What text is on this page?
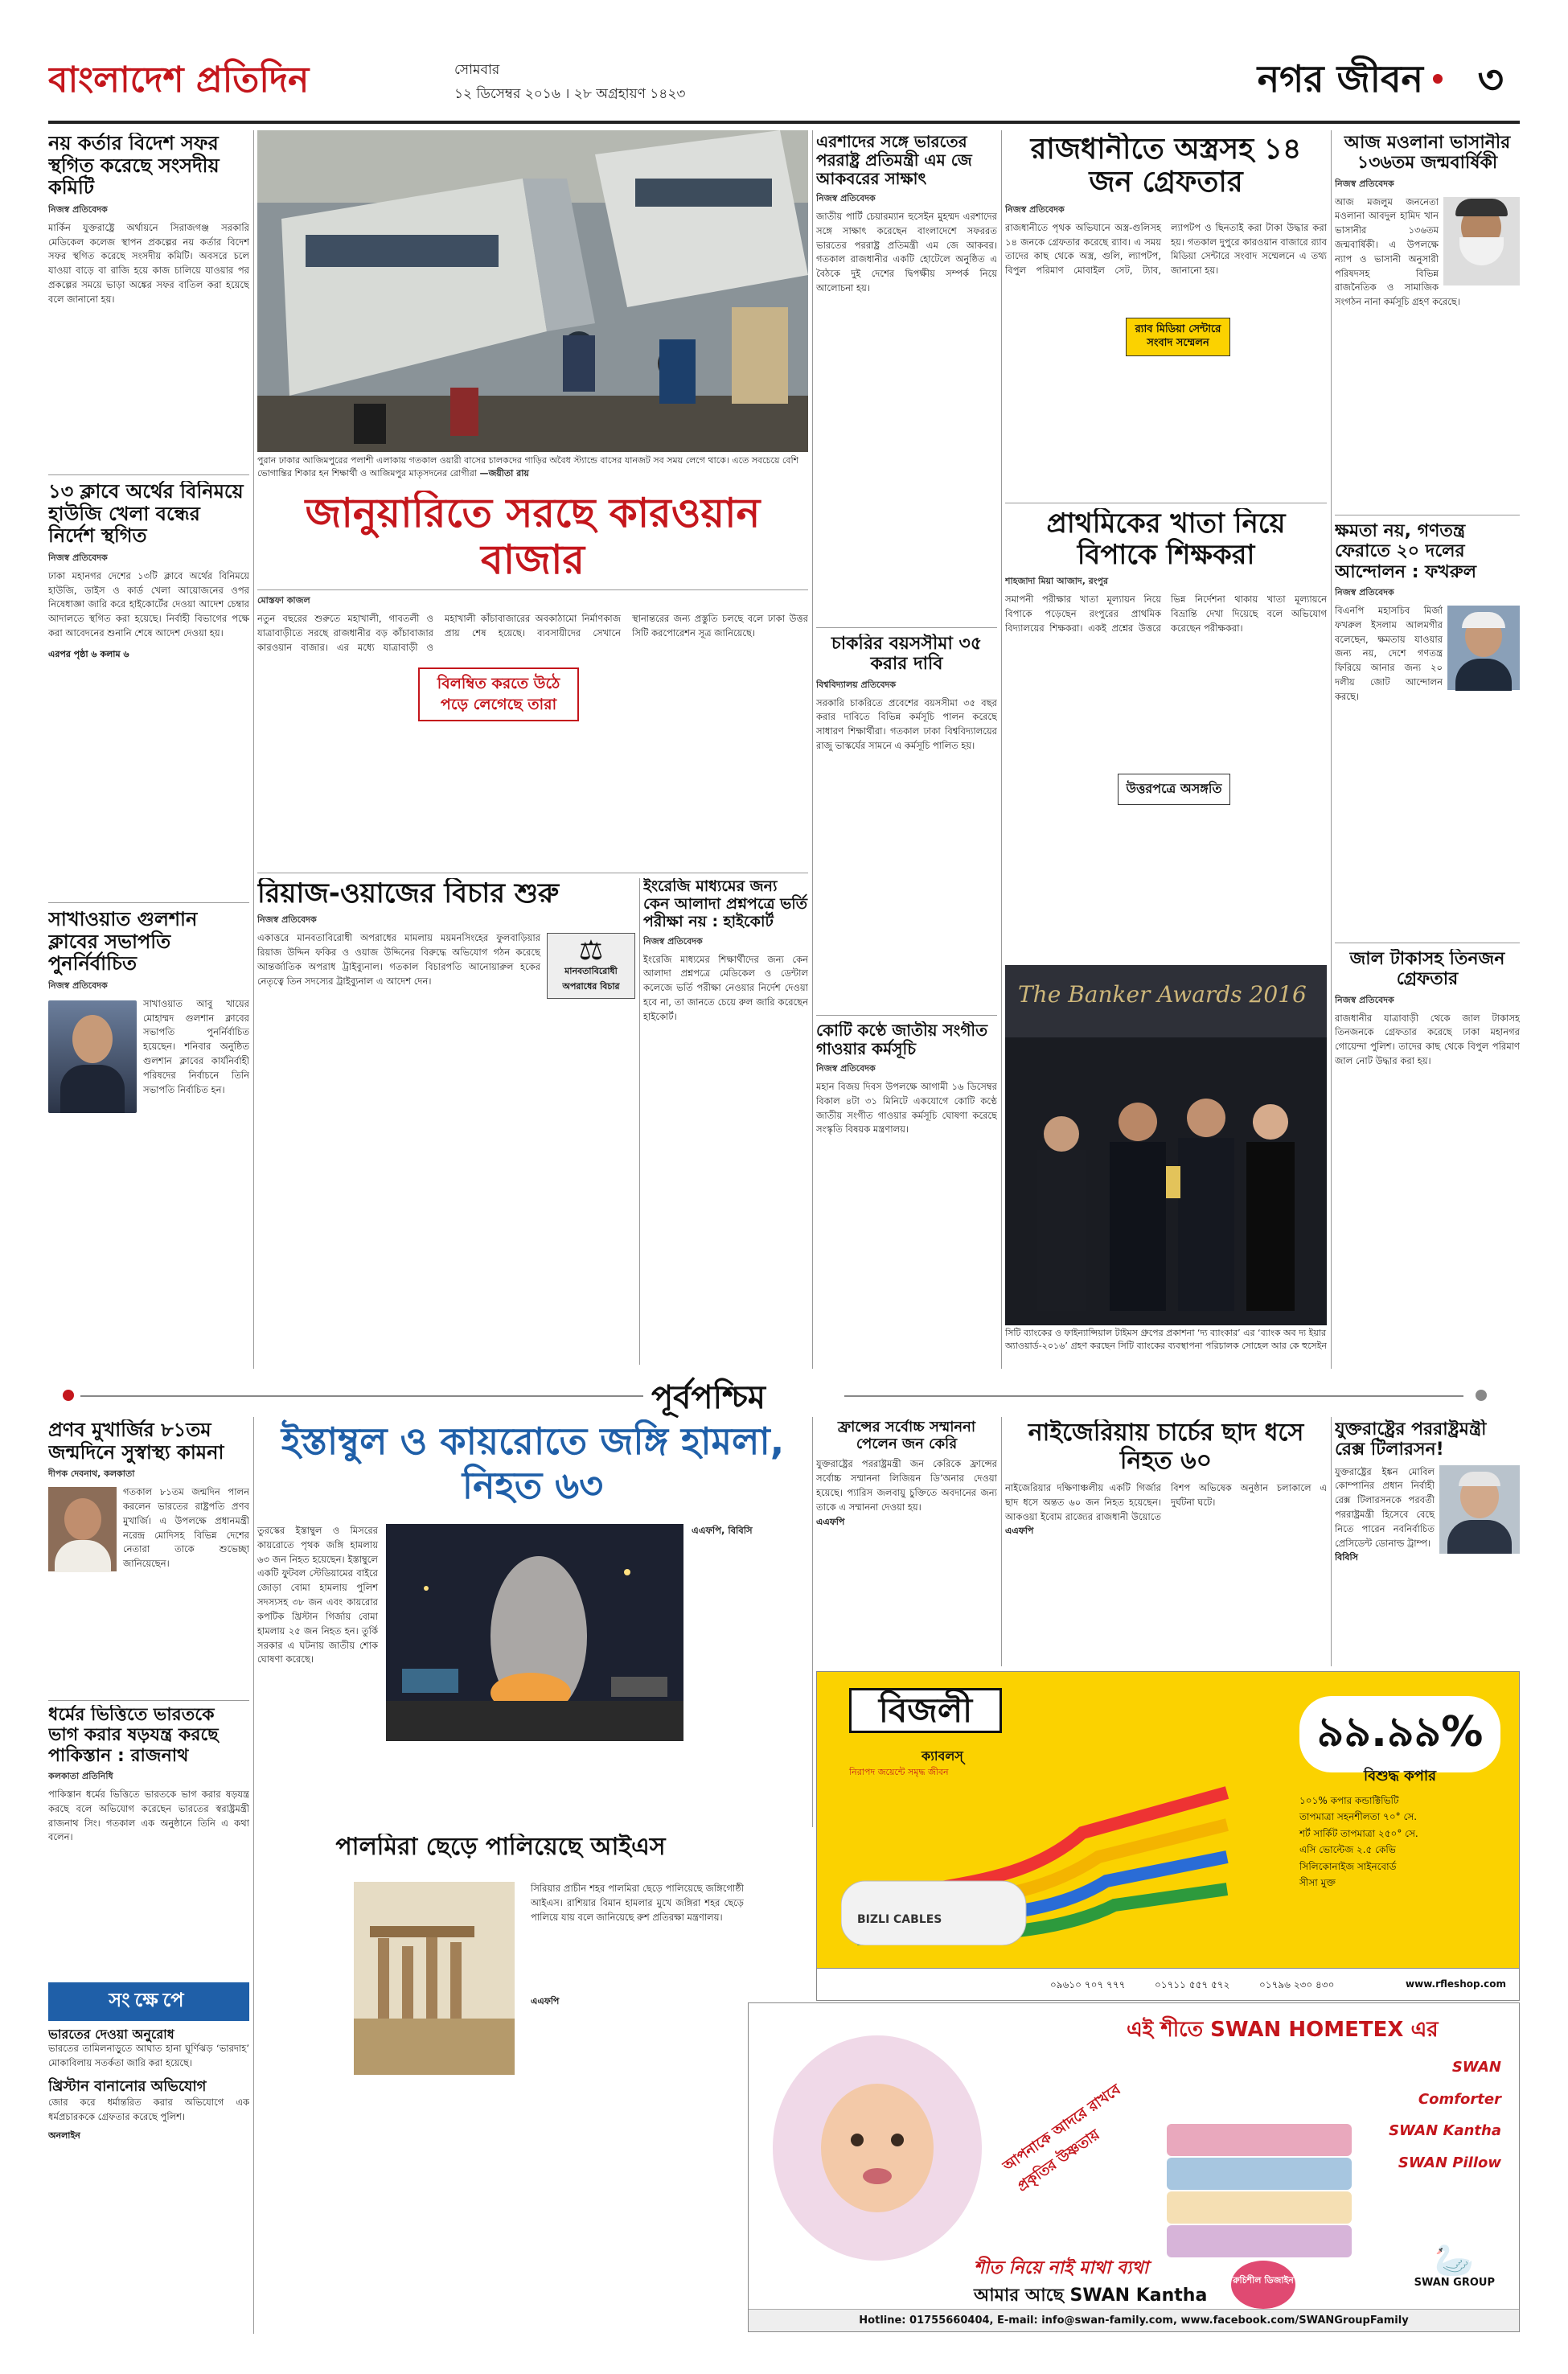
বাংলাদেশ প্রতিদিন	সোমবার
১২ ডিসেম্বর ২০১৬ । ২৮ অগ্রহায়ণ ১৪২৩	নগর জীবন ৩
নয় কর্তার বিদেশ সফর স্থগিত করেছে সংসদীয় কমিটি
নিজস্ব প্রতিবেদক
মার্কিন যুক্তরাষ্ট্রে অর্থায়নে সিরাজগঞ্জ সরকারি মেডিকেল কলেজ স্থাপন প্রকল্পের নয় কর্তার বিদেশ সফর স্থগিত করেছে সংসদীয় কমিটি। অবসরে চলে যাওয়া বাড়ে বা রাজি হয়ে কাজ চালিয়ে যাওয়ার পর প্রকল্পের সময়ে ভাড়া অঙ্কের সফর বাতিল করা হয়েছে বলে জানানো হয়।
১৩ ক্লাবে অর্থের বিনিময়ে হাউজি খেলা বন্ধের নির্দেশ স্থগিত
নিজস্ব প্রতিবেদক
ঢাকা মহানগর দেশের ১৩টি ক্লাবে অর্থের বিনিময়ে হাউজি, ডাইস ও কার্ড খেলা আয়োজনের ওপর নিষেধাজ্ঞা জারি করে হাইকোর্টের দেওয়া আদেশ চেম্বার আদালতে স্থগিত করা হয়েছে। নির্বাহী বিভাগের পক্ষে করা আবেদনের শুনানি শেষে আদেশ দেওয়া হয়।
এরপর পৃষ্ঠা ৬ কলাম ৬
সাখাওয়াত গুলশান ক্লাবের সভাপতি পুনর্নির্বাচিত
নিজস্ব প্রতিবেদক
সাখাওয়াত আবু খায়ের মোহাম্মদ গুলশান ক্লাবের সভাপতি পুনর্নির্বাচিত হয়েছেন। শনিবার অনুষ্ঠিত গুলশান ক্লাবের কার্যনির্বাহী পরিষদের নির্বাচনে তিনি সভাপতি নির্বাচিত হন।
পুরান ঢাকার আজিমপুরের পলাশী এলাকায় গতকাল ওয়ারী বাসের চালকদের গাড়ির অবৈধ স্ট্যান্ডে বাসের যানজট সব সময় লেগে থাকে। এতে সবচেয়ে বেশি ভোগান্তির শিকার হন শিক্ষার্থী ও আজিমপুর মাতৃসদনের রোগীরা —জয়ীতা রায়
জানুয়ারিতে সরছে কারওয়ান বাজার
মোস্তফা কাজল
নতুন বছরের শুরুতে মহাখালী, গাবতলী ও যাত্রাবাড়ীতে সরছে রাজধানীর বড় কাঁচাবাজার কারওয়ান বাজার। এর মধ্যে যাত্রাবাড়ী ও মহাখালী কাঁচাবাজারের অবকাঠামো নির্মাণকাজ প্রায় শেষ হয়েছে। ব্যবসায়ীদের সেখানে স্থানান্তরের জন্য প্রস্তুতি চলছে বলে ঢাকা উত্তর সিটি করপোরেশন সূত্র জানিয়েছে।
বিলম্বিত করতে উঠে পড়ে লেগেছে তারা
রিয়াজ-ওয়াজের বিচার শুরু
নিজস্ব প্রতিবেদক
⚖
মানবতাবিরোধী অপরাধের বিচার
একাত্তরে মানবতাবিরোধী অপরাধের মামলায় ময়মনসিংহের ফুলবাড়িয়ার রিয়াজ উদ্দিন ফকির ও ওয়াজ উদ্দিনের বিরুদ্ধে অভিযোগ গঠন করেছে আন্তর্জাতিক অপরাধ ট্রাইব্যুনাল। গতকাল বিচারপতি আনোয়ারুল হকের নেতৃত্বে তিন সদস্যের ট্রাইব্যুনাল এ আদেশ দেন।
ইংরেজি মাধ্যমের জন্য কেন আলাদা প্রশ্নপত্রে ভর্তি পরীক্ষা নয় : হাইকোর্ট
নিজস্ব প্রতিবেদক
ইংরেজি মাধ্যমের শিক্ষার্থীদের জন্য কেন আলাদা প্রশ্নপত্রে মেডিকেল ও ডেন্টাল কলেজে ভর্তি পরীক্ষা নেওয়ার নির্দেশ দেওয়া হবে না, তা জানতে চেয়ে রুল জারি করেছেন হাইকোর্ট।
এরশাদের সঙ্গে ভারতের পররাষ্ট্র প্রতিমন্ত্রী এম জে আকবরের সাক্ষাৎ
নিজস্ব প্রতিবেদক
জাতীয় পার্টি চেয়ারম্যান হুসেইন মুহম্মদ এরশাদের সঙ্গে সাক্ষাৎ করেছেন বাংলাদেশে সফররত ভারতের পররাষ্ট্র প্রতিমন্ত্রী এম জে আকবর। গতকাল রাজধানীর একটি হোটেলে অনুষ্ঠিত এ বৈঠকে দুই দেশের দ্বিপক্ষীয় সম্পর্ক নিয়ে আলোচনা হয়।
চাকরির বয়সসীমা ৩৫ করার দাবি
বিশ্ববিদ্যালয় প্রতিবেদক
সরকারি চাকরিতে প্রবেশের বয়সসীমা ৩৫ বছর করার দাবিতে বিভিন্ন কর্মসূচি পালন করেছে সাধারণ শিক্ষার্থীরা। গতকাল ঢাকা বিশ্ববিদ্যালয়ের রাজু ভাস্কর্যের সামনে এ কর্মসূচি পালিত হয়।
কোটি কণ্ঠে জাতীয় সংগীত গাওয়ার কর্মসূচি
নিজস্ব প্রতিবেদক
মহান বিজয় দিবস উপলক্ষে আগামী ১৬ ডিসেম্বর বিকাল ৪টা ৩১ মিনিটে একযোগে কোটি কণ্ঠে জাতীয় সংগীত গাওয়ার কর্মসূচি ঘোষণা করেছে সংস্কৃতি বিষয়ক মন্ত্রণালয়।
রাজধানীতে অস্ত্রসহ ১৪ জন গ্রেফতার
নিজস্ব প্রতিবেদক
রাজধানীতে পৃথক অভিযানে অস্ত্র-গুলিসহ ১৪ জনকে গ্রেফতার করেছে র‌্যাব। এ সময় তাদের কাছ থেকে অস্ত্র, গুলি, ল্যাপটপ, বিপুল পরিমাণ মোবাইল সেট, ট্যাব, ল্যাপটপ ও ছিনতাই করা টাকা উদ্ধার করা হয়। গতকাল দুপুরে কারওয়ান বাজারে র‌্যাব মিডিয়া সেন্টারে সংবাদ সম্মেলনে এ তথ্য জানানো হয়।
র‌্যাব মিডিয়া সেন্টারে সংবাদ সম্মেলন
প্রাথমিকের খাতা নিয়ে বিপাকে শিক্ষকরা
শাহজাদা মিয়া আজাদ, রংপুর
সমাপনী পরীক্ষার খাতা মূল্যায়ন নিয়ে বিপাকে পড়েছেন রংপুরের প্রাথমিক বিদ্যালয়ের শিক্ষকরা। একই প্রশ্নের উত্তরে ভিন্ন নির্দেশনা থাকায় খাতা মূল্যায়নে বিভ্রান্তি দেখা দিয়েছে বলে অভিযোগ করেছেন পরীক্ষকরা।
উত্তরপত্রে অসঙ্গতি
The Banker Awards 2016
সিটি ব্যাংকের ও ফাইন্যান্সিয়াল টাইমস গ্রুপের প্রকাশনা ‘দ্য ব্যাংকার’ এর ‘ব্যাংক অব দ্য ইয়ার অ্যাওয়ার্ড-২০১৬’ গ্রহণ করছেন সিটি ব্যাংকের ব্যবস্থাপনা পরিচালক সোহেল আর কে হুসেইন
আজ মওলানা ভাসানীর ১৩৬তম জন্মবার্ষিকী
নিজস্ব প্রতিবেদক
আজ মজলুম জননেতা মওলানা আবদুল হামিদ খান ভাসানীর ১৩৬তম জন্মবার্ষিকী। এ উপলক্ষে ন্যাপ ও ভাসানী অনুসারী পরিষদসহ বিভিন্ন রাজনৈতিক ও সামাজিক সংগঠন নানা কর্মসূচি গ্রহণ করেছে।
ক্ষমতা নয়, গণতন্ত্র ফেরাতে ২০ দলের আন্দোলন : ফখরুল
নিজস্ব প্রতিবেদক
বিএনপি মহাসচিব মির্জা ফখরুল ইসলাম আলমগীর বলেছেন, ক্ষমতায় যাওয়ার জন্য নয়, দেশে গণতন্ত্র ফিরিয়ে আনার জন্য ২০ দলীয় জোট আন্দোলন করছে।
জাল টাকাসহ তিনজন গ্রেফতার
নিজস্ব প্রতিবেদক
রাজধানীর যাত্রাবাড়ী থেকে জাল টাকাসহ তিনজনকে গ্রেফতার করেছে ঢাকা মহানগর গোয়েন্দা পুলিশ। তাদের কাছ থেকে বিপুল পরিমাণ জাল নোট উদ্ধার করা হয়।
পূর্বপশ্চিম
প্রণব মুখার্জির ৮১তম জন্মদিনে সুস্বাস্থ্য কামনা
দীপক দেবনাথ, কলকাতা
গতকাল ৮১তম জন্মদিন পালন করলেন ভারতের রাষ্ট্রপতি প্রণব মুখার্জি। এ উপলক্ষে প্রধানমন্ত্রী নরেন্দ্র মোদিসহ বিভিন্ন দেশের নেতারা তাকে শুভেচ্ছা জানিয়েছেন।
ধর্মের ভিত্তিতে ভারতকে ভাগ করার ষড়যন্ত্র করছে পাকিস্তান : রাজনাথ
কলকাতা প্রতিনিধি
পাকিস্তান ধর্মের ভিত্তিতে ভারতকে ভাগ করার ষড়যন্ত্র করছে বলে অভিযোগ করেছেন ভারতের স্বরাষ্ট্রমন্ত্রী রাজনাথ সিং। গতকাল এক অনুষ্ঠানে তিনি এ কথা বলেন।
সংক্ষেপে
ভারতের দেওয়া অনুরোধ
ভারতের তামিলনাড়ুতে আঘাত হানা ঘূর্ণিঝড় ‘ভারদাহ’ মোকাবিলায় সতর্কতা জারি করা হয়েছে।
খ্রিস্টান বানানোর অভিযোগ
জোর করে ধর্মান্তরিত করার অভিযোগে এক ধর্মপ্রচারককে গ্রেফতার করেছে পুলিশ।
অনলাইন
ইস্তাম্বুল ও কায়রোতে জঙ্গি হামলা, নিহত ৬৩
তুরস্কের ইস্তাম্বুল ও মিসরের কায়রোতে পৃথক জঙ্গি হামলায় ৬৩ জন নিহত হয়েছেন। ইস্তাম্বুলে একটি ফুটবল স্টেডিয়ামের বাইরে জোড়া বোমা হামলায় পুলিশ সদস্যসহ ৩৮ জন এবং কায়রোর কপটিক খ্রিস্টান গির্জায় বোমা হামলায় ২৫ জন নিহত হন। তুর্কি সরকার এ ঘটনায় জাতীয় শোক ঘোষণা করেছে।
এএফপি, বিবিসি
ফ্রান্সের সর্বোচ্চ সম্মাননা পেলেন জন কেরি
যুক্তরাষ্ট্রের পররাষ্ট্রমন্ত্রী জন কেরিকে ফ্রান্সের সর্বোচ্চ সম্মাননা লিজিয়ন ডি’অনার দেওয়া হয়েছে। প্যারিস জলবায়ু চুক্তিতে অবদানের জন্য তাকে এ সম্মাননা দেওয়া হয়।
এএফপি
নাইজেরিয়ায় চার্চের ছাদ ধসে নিহত ৬০
নাইজেরিয়ার দক্ষিণাঞ্চলীয় একটি গির্জার ছাদ ধসে অন্তত ৬০ জন নিহত হয়েছেন। আকওয়া ইবোম রাজ্যের রাজধানী উয়োতে বিশপ অভিষেক অনুষ্ঠান চলাকালে এ দুর্ঘটনা ঘটে।
এএফপি
যুক্তরাষ্ট্রের পররাষ্ট্রমন্ত্রী রেক্স টিলারসন!
যুক্তরাষ্ট্রের ইঙ্কন মোবিল কোম্পানির প্রধান নির্বাহী রেক্স টিলারসনকে পরবর্তী পররাষ্ট্রমন্ত্রী হিসেবে বেছে নিতে পারেন নবনির্বাচিত প্রেসিডেন্ট ডোনাল্ড ট্রাম্প।
বিবিসি
বিজলী
ক্যাবলস্
নিরাপদ জয়েন্টে সমৃদ্ধ জীবন
BIZLI CABLES
৯৯.৯৯%
বিশুদ্ধ কপার
১০১% কপার কন্ডাক্টিভিটি
তাপমাত্রা সহনশীলতা ৭০° সে.
শর্ট সার্কিট তাপমাত্রা ২৫০° সে.
এসি ভোল্টেজ ২.৫ কেভি
সিলিকোনাইজ সাইনবোর্ড
সীসা মুক্ত
০৯৬১০ ৭০৭ ৭৭৭	০১৭১১ ৫৫৭ ৫৭২	০১৭৯৬ ২৩০ ৪৩০	www.rfleshop.com
পালমিরা ছেড়ে পালিয়েছে আইএস
সিরিয়ার প্রাচীন শহর পালমিরা ছেড়ে পালিয়েছে জঙ্গিগোষ্ঠী আইএস। রাশিয়ার বিমান হামলার মুখে জঙ্গিরা শহর ছেড়ে পালিয়ে যায় বলে জানিয়েছে রুশ প্রতিরক্ষা মন্ত্রণালয়।
এএফপি
এই শীতে SWAN HOMETEX এর
আপনাকে আদরে রাখবে প্রকৃতির উষ্ণতায়
SWAN Comforter
SWAN Kantha
SWAN Pillow
শীত নিয়ে নাই মাথা ব্যথা
আমার আছে SWAN Kantha
রুচিশীল ডিজাইন
🦢
SWAN GROUP
Hotline: 01755660404, E-mail: info@swan-family.com, www.facebook.com/SWANGroupFamily
